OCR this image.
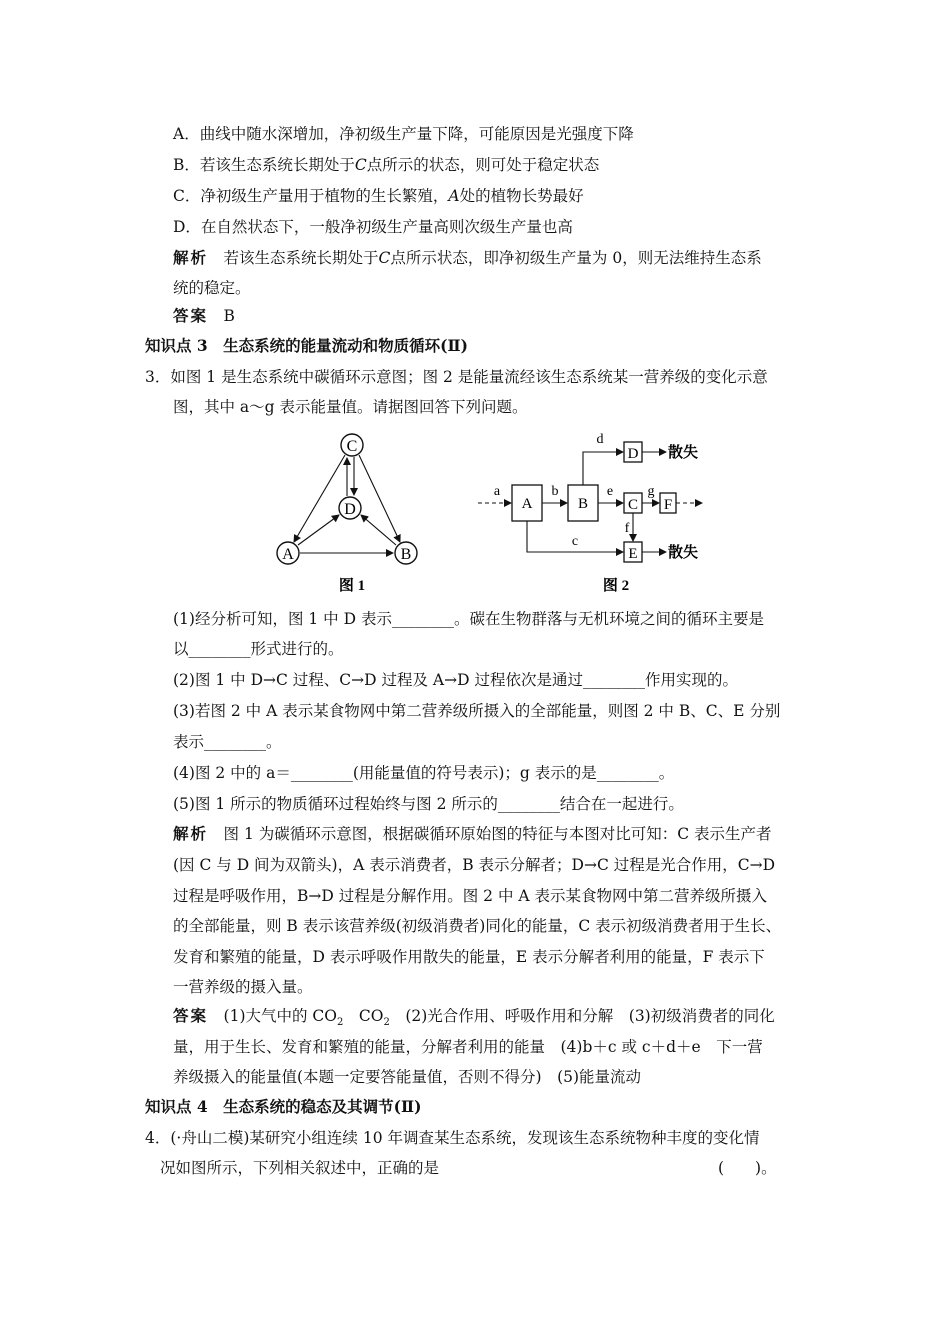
A．曲线中随水深增加，净初级生产量下降，可能原因是光强度下降
B．若该生态系统长期处于C点所示的状态，则可处于稳定状态
C．净初级生产量用于植物的生长繁殖，A处的植物长势最好
D．在自然状态下，一般净初级生产量高则次级生产量也高
解析　 若该生态系统长期处于C点所示状态，即净初级生产量为 0，则无法维持生态系
统的稳定。
答案　 B
知识点 3　生态系统的能量流动和物质循环(Ⅱ)
3．如图 1 是生态系统中碳循环示意图；图 2 是能量流经该生态系统某一营养级的变化示意
图，其中 a～g 表示能量值。请据图回答下列问题。
C
D
A	B
图 1
A	B	C
D
E
F
a	b
c
d
e
f
g
散失
散失
图 2
(1)经分析可知，图 1 中 D 表示________。碳在生物群落与无机环境之间的循环主要是
以________形式进行的。
(2)图 1 中 D→C 过程、C→D 过程及 A→D 过程依次是通过________作用实现的。
(3)若图 2 中 A 表示某食物网中第二营养级所摄入的全部能量，则图 2 中 B、C、E 分别
表示________。
(4)图 2 中的 a＝________(用能量值的符号表示)；g 表示的是________。
(5)图 1 所示的物质循环过程始终与图 2 所示的________结合在一起进行。
解析　 图 1 为碳循环示意图，根据碳循环原始图的特征与本图对比可知：C 表示生产者
(因 C 与 D 间为双箭头)，A 表示消费者，B 表示分解者；D→C 过程是光合作用，C→D
过程是呼吸作用，B→D 过程是分解作用。图 2 中 A 表示某食物网中第二营养级所摄入
的全部能量，则 B 表示该营养级(初级消费者)同化的能量，C 表示初级消费者用于生长、
发育和繁殖的能量，D 表示呼吸作用散失的能量，E 表示分解者利用的能量，F 表示下
一营养级的摄入量。
答案　 (1)大气中的 $CO_2$　$CO_2$　(2)光合作用、呼吸作用和分解　(3)初级消费者的同化
量，用于生长、发育和繁殖的能量，分解者利用的能量　(4)b＋c 或 c＋d＋e　下一营
养级摄入的能量值(本题一定要答能量值，否则不得分)　(5)能量流动
知识点 4　生态系统的稳态及其调节(Ⅱ)
4．(·舟山二模)某研究小组连续 10 年调查某生态系统，发现该生态系统物种丰度的变化情
况如图所示，下列相关叙述中，正确的是	(　　)。
